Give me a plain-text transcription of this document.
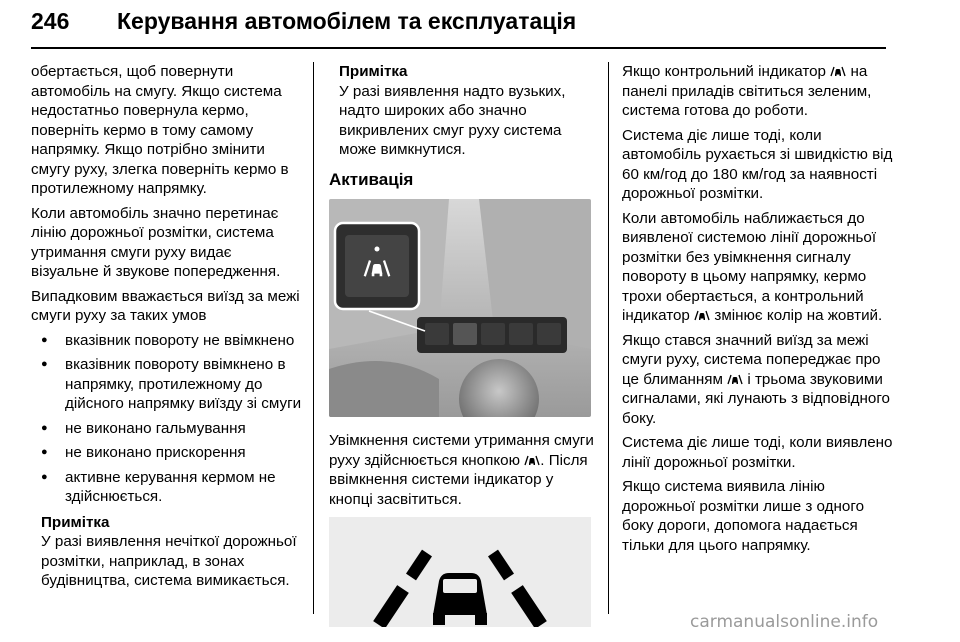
246 Керування автомобілем та експлуатація

обертається, щоб повернути автомобіль на смугу. Якщо система недостатньо повернула кермо, поверніть кермо в тому самому напрямку. Якщо потрібно змінити смугу руху, злегка поверніть кермо в протилежному напрямку.

Коли автомобіль значно перетинає лінію дорожньої розмітки, система утримання смуги руху видає візуальне й звукове попередження.

Випадковим вважається виїзд за межі смуги руху за таких умов

● вказівник повороту не ввімкнено
● вказівник повороту ввімкнено в напрямку, протилежному до дійсного напрямку виїзду зі смуги
● не виконано гальмування
● не виконано прискорення
● активне керування кермом не здійснюється.

Примітка

У разі виявлення нечіткої дорожньої розмітки, наприклад, в зонах будівництва, система вимикається.

Примітка

У разі виявлення надто вузьких, надто широких або значно викривлених смуг руху система може вимкнутися.

Активація

Увімкнення системи утримання смуги руху здійснюється кнопкою . Після ввімкнення системи індикатор у кнопці засвітиться.

Якщо контрольний індикатор на панелі приладів світиться зеленим, система готова до роботи.

Система діє лише тоді, коли автомобіль рухається зі швидкістю від 60 км/год до 180 км/год за наявності дорожньої розмітки.

Коли автомобіль наближається до виявленої системою лінії дорожньої розмітки без увімкнення сигналу повороту в цьому напрямку, кермо трохи обертається, а контрольний індикатор змінює колір на жовтий.

Якщо стався значний виїзд за межі смуги руху, система попереджає про це блиманням і трьома звуковими сигналами, які лунають з відповідного боку.

Система діє лише тоді, коли виявлено лінії дорожньої розмітки.

Якщо система виявила лінію дорожньої розмітки лише з одного боку дороги, допомога надається тільки для цього напрямку.

carmanualsonline.info
